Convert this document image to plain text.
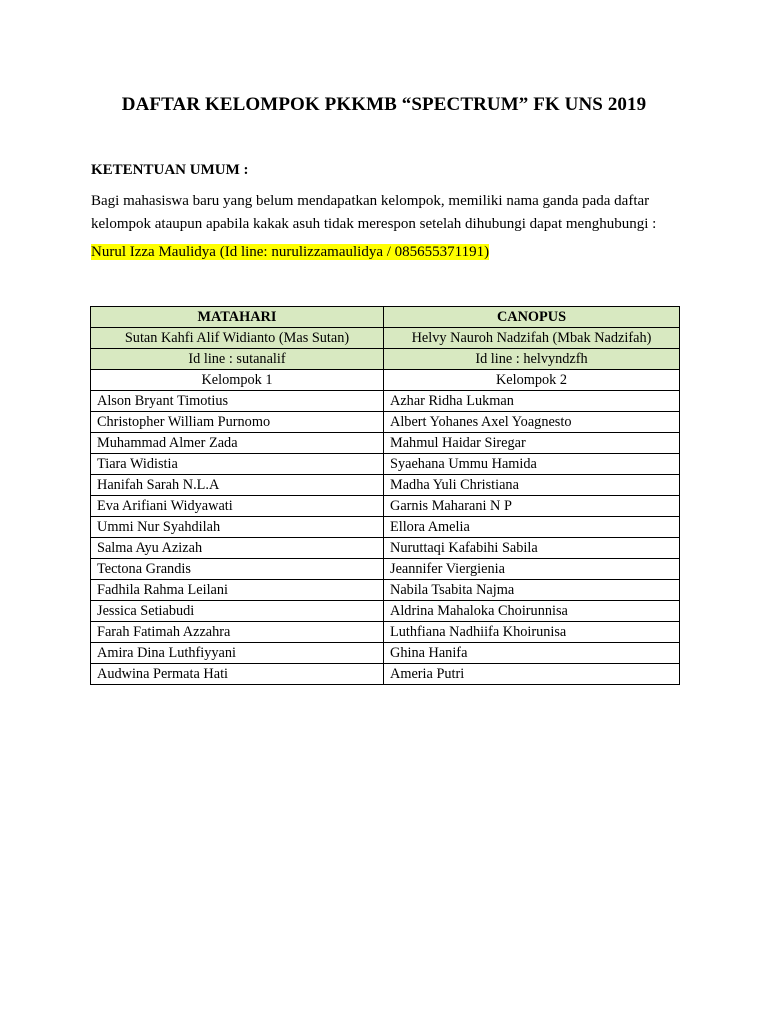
DAFTAR KELOMPOK PKKMB “SPECTRUM” FK UNS 2019

KETENTUAN UMUM :

Bagi mahasiswa baru yang belum mendapatkan kelompok, memiliki nama ganda pada daftar kelompok ataupun apabila kakak asuh tidak merespon setelah dihubungi dapat menghubungi :

Nurul Izza Maulidya (Id line: nurulizzamaulidya / 085655371191)

MATAHARI	CANOPUS
Sutan Kahfi Alif Widianto (Mas Sutan)	Helvy Nauroh Nadzifah (Mbak Nadzifah)
Id line : sutanalif	Id line : helvyndzfh
Kelompok 1	Kelompok 2
Alson Bryant Timotius	Azhar Ridha Lukman
Christopher William Purnomo	Albert Yohanes Axel Yoagnesto
Muhammad Almer Zada	Mahmul Haidar Siregar
Tiara Widistia	Syaehana Ummu Hamida
Hanifah Sarah N.L.A	Madha Yuli Christiana
Eva Arifiani Widyawati	Garnis Maharani N P
Ummi Nur Syahdilah	Ellora Amelia
Salma Ayu Azizah	Nuruttaqi Kafabihi Sabila
Tectona Grandis	Jeannifer Viergienia
Fadhila Rahma Leilani	Nabila Tsabita Najma
Jessica Setiabudi	Aldrina Mahaloka Choirunnisa
Farah Fatimah Azzahra	Luthfiana Nadhiifa Khoirunisa
Amira Dina Luthfiyyani	Ghina Hanifa
Audwina Permata Hati	Ameria Putri
